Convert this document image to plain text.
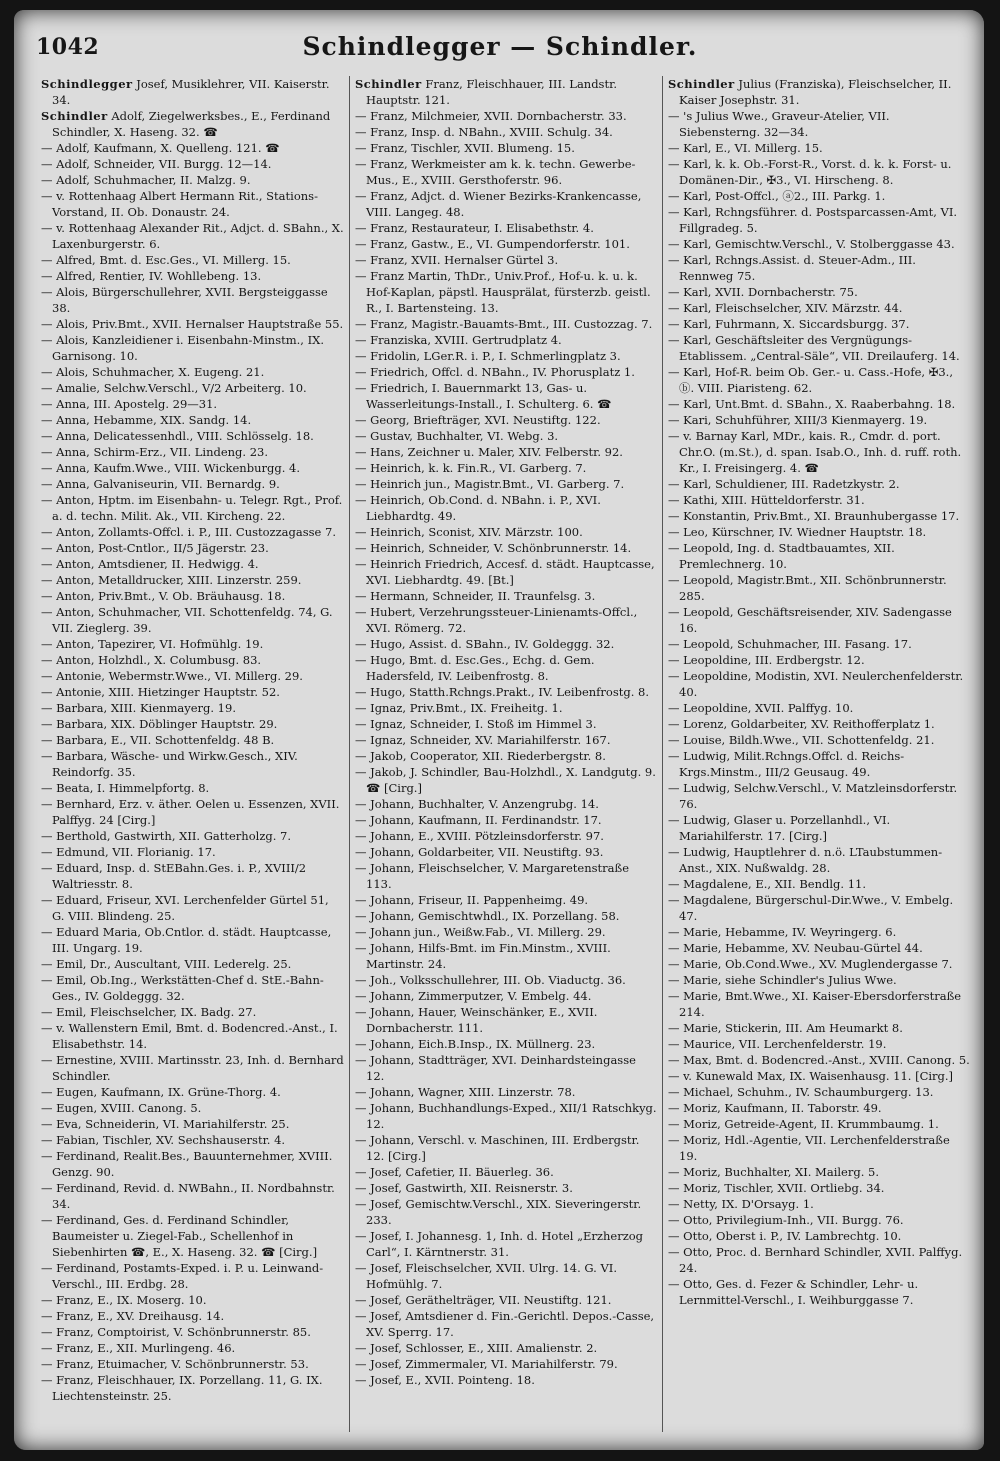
1042	Schindlegger — Schindler.
Schindlegger Josef, Musiklehrer, VII. Kaiserstr. 34.
Schindler Adolf, Ziegelwerksbes., E., Ferdinand Schindler, X. Haseng. 32. ☎
— Adolf, Kaufmann, X. Quelleng. 121. ☎
— Adolf, Schneider, VII. Burgg. 12—14.
— Adolf, Schuhmacher, II. Malzg. 9.
— v. Rottenhaag Albert Hermann Rit., Stations-Vorstand, II. Ob. Donaustr. 24.
— v. Rottenhaag Alexander Rit., Adjct. d. SBahn., X. Laxenburgerstr. 6.
— Alfred, Bmt. d. Esc.Ges., VI. Millerg. 15.
— Alfred, Rentier, IV. Wohllebeng. 13.
— Alois, Bürgerschullehrer, XVII. Bergsteiggasse 38.
— Alois, Priv.Bmt., XVII. Hernalser Hauptstraße 55.
— Alois, Kanzleidiener i. Eisenbahn-Minstm., IX. Garnisong. 10.
— Alois, Schuhmacher, X. Eugeng. 21.
— Amalie, Selchw.Verschl., V/2 Arbeiterg. 10.
— Anna, III. Apostelg. 29—31.
— Anna, Hebamme, XIX. Sandg. 14.
— Anna, Delicatessenhdl., VIII. Schlösselg. 18.
— Anna, Schirm-Erz., VII. Lindeng. 23.
— Anna, Kaufm.Wwe., VIII. Wickenburgg. 4.
— Anna, Galvaniseurin, VII. Bernardg. 9.
— Anton, Hptm. im Eisenbahn- u. Telegr. Rgt., Prof. a. d. techn. Milit. Ak., VII. Kircheng. 22.
— Anton, Zollamts-Offcl. i. P., III. Custozzagasse 7.
— Anton, Post-Cntlor., II/5 Jägerstr. 23.
— Anton, Amtsdiener, II. Hedwigg. 4.
— Anton, Metalldrucker, XIII. Linzerstr. 259.
— Anton, Priv.Bmt., V. Ob. Bräuhausg. 18.
— Anton, Schuhmacher, VII. Schottenfeldg. 74, G. VII. Zieglerg. 39.
— Anton, Tapezirer, VI. Hofmühlg. 19.
— Anton, Holzhdl., X. Columbusg. 83.
— Antonie, Webermstr.Wwe., VI. Millerg. 29.
— Antonie, XIII. Hietzinger Hauptstr. 52.
— Barbara, XIII. Kienmayerg. 19.
— Barbara, XIX. Döblinger Hauptstr. 29.
— Barbara, E., VII. Schottenfeldg. 48 B.
— Barbara, Wäsche- und Wirkw.Gesch., XIV. Reindorfg. 35.
— Beata, I. Himmelpfortg. 8.
— Bernhard, Erz. v. äther. Oelen u. Essenzen, XVII. Palffyg. 24 [Cirg.]
— Berthold, Gastwirth, XII. Gatterholzg. 7.
— Edmund, VII. Florianig. 17.
— Eduard, Insp. d. StEBahn.Ges. i. P., XVIII/2 Waltriesstr. 8.
— Eduard, Friseur, XVI. Lerchenfelder Gürtel 51, G. VIII. Blindeng. 25.
— Eduard Maria, Ob.Cntlor. d. städt. Hauptcasse, III. Ungarg. 19.
— Emil, Dr., Auscultant, VIII. Lederelg. 25.
— Emil, Ob.Ing., Werkstätten-Chef d. StE.-Bahn-Ges., IV. Goldeggg. 32.
— Emil, Fleischselcher, IX. Badg. 27.
— v. Wallenstern Emil, Bmt. d. Bodencred.-Anst., I. Elisabethstr. 14.
— Ernestine, XVIII. Martinsstr. 23, Inh. d. Bernhard Schindler.
— Eugen, Kaufmann, IX. Grüne-Thorg. 4.
— Eugen, XVIII. Canong. 5.
— Eva, Schneiderin, VI. Mariahilferstr. 25.
— Fabian, Tischler, XV. Sechshauserstr. 4.
— Ferdinand, Realit.Bes., Bauunternehmer, XVIII. Genzg. 90.
— Ferdinand, Revid. d. NWBahn., II. Nordbahnstr. 34.
— Ferdinand, Ges. d. Ferdinand Schindler, Baumeister u. Ziegel-Fab., Schellenhof in Siebenhirten ☎, E., X. Haseng. 32. ☎ [Cirg.]
— Ferdinand, Postamts-Exped. i. P. u. Leinwand-Verschl., III. Erdbg. 28.
— Franz, E., IX. Moserg. 10.
— Franz, E., XV. Dreihausg. 14.
— Franz, Comptoirist, V. Schönbrunnerstr. 85.
— Franz, E., XII. Murlingeng. 46.
— Franz, Etuimacher, V. Schönbrunnerstr. 53.
— Franz, Fleischhauer, IX. Porzellang. 11, G. IX. Liechtensteinstr. 25.
Schindler Franz, Fleischhauer, III. Landstr. Hauptstr. 121.
— Franz, Milchmeier, XVII. Dornbacherstr. 33.
— Franz, Insp. d. NBahn., XVIII. Schulg. 34.
— Franz, Tischler, XVII. Blumeng. 15.
— Franz, Werkmeister am k. k. techn. Gewerbe-Mus., E., XVIII. Gersthoferstr. 96.
— Franz, Adjct. d. Wiener Bezirks-Krankencasse, VIII. Langeg. 48.
— Franz, Restaurateur, I. Elisabethstr. 4.
— Franz, Gastw., E., VI. Gumpendorferstr. 101.
— Franz, XVII. Hernalser Gürtel 3.
— Franz Martin, ThDr., Univ.Prof., Hof-u. k. u. k. Hof-Kaplan, päpstl. Hausprälat, fürsterzb. geistl. R., I. Bartensteing. 13.
— Franz, Magistr.-Bauamts-Bmt., III. Custozzag. 7.
— Franziska, XVIII. Gertrudplatz 4.
— Fridolin, LGer.R. i. P., I. Schmerlingplatz 3.
— Friedrich, Offcl. d. NBahn., IV. Phorusplatz 1.
— Friedrich, I. Bauernmarkt 13, Gas- u. Wasserleitungs-Install., I. Schulterg. 6. ☎
— Georg, Briefträger, XVI. Neustiftg. 122.
— Gustav, Buchhalter, VI. Webg. 3.
— Hans, Zeichner u. Maler, XIV. Felberstr. 92.
— Heinrich, k. k. Fin.R., VI. Garberg. 7.
— Heinrich jun., Magistr.Bmt., VI. Garberg. 7.
— Heinrich, Ob.Cond. d. NBahn. i. P., XVI. Liebhardtg. 49.
— Heinrich, Sconist, XIV. Märzstr. 100.
— Heinrich, Schneider, V. Schönbrunnerstr. 14.
— Heinrich Friedrich, Accesf. d. städt. Hauptcasse, XVI. Liebhardtg. 49. [Bt.]
— Hermann, Schneider, II. Traunfelsg. 3.
— Hubert, Verzehrungssteuer-Linienamts-Offcl., XVI. Römerg. 72.
— Hugo, Assist. d. SBahn., IV. Goldeggg. 32.
— Hugo, Bmt. d. Esc.Ges., Echg. d. Gem. Hadersfeld, IV. Leibenfrostg. 8.
— Hugo, Statth.Rchngs.Prakt., IV. Leibenfrostg. 8.
— Ignaz, Priv.Bmt., IX. Freiheitg. 1.
— Ignaz, Schneider, I. Stoß im Himmel 3.
— Ignaz, Schneider, XV. Mariahilferstr. 167.
— Jakob, Cooperator, XII. Riederbergstr. 8.
— Jakob, J. Schindler, Bau-Holzhdl., X. Landgutg. 9. ☎ [Cirg.]
— Johann, Buchhalter, V. Anzengrubg. 14.
— Johann, Kaufmann, II. Ferdinandstr. 17.
— Johann, E., XVIII. Pötzleinsdorferstr. 97.
— Johann, Goldarbeiter, VII. Neustiftg. 93.
— Johann, Fleischselcher, V. Margaretenstraße 113.
— Johann, Friseur, II. Pappenheimg. 49.
— Johann, Gemischtwhdl., IX. Porzellang. 58.
— Johann jun., Weißw.Fab., VI. Millerg. 29.
— Johann, Hilfs-Bmt. im Fin.Minstm., XVIII. Martinstr. 24.
— Joh., Volksschullehrer, III. Ob. Viaductg. 36.
— Johann, Zimmerputzer, V. Embelg. 44.
— Johann, Hauer, Weinschänker, E., XVII. Dornbacherstr. 111.
— Johann, Eich.B.Insp., IX. Müllnerg. 23.
— Johann, Stadtträger, XVI. Deinhardsteingasse 12.
— Johann, Wagner, XIII. Linzerstr. 78.
— Johann, Buchhandlungs-Exped., XII/1 Ratschkyg. 12.
— Johann, Verschl. v. Maschinen, III. Erdbergstr. 12. [Cirg.]
— Josef, Cafetier, II. Bäuerleg. 36.
— Josef, Gastwirth, XII. Reisnerstr. 3.
— Josef, Gemischtw.Verschl., XIX. Sieveringerstr. 233.
— Josef, I. Johannesg. 1, Inh. d. Hotel „Erzherzog Carl“, I. Kärntnerstr. 31.
— Josef, Fleischselcher, XVII. Ulrg. 14. G. VI. Hofmühlg. 7.
— Josef, Geräthelträger, VII. Neustiftg. 121.
— Josef, Amtsdiener d. Fin.-Gerichtl. Depos.-Casse, XV. Sperrg. 17.
— Josef, Schlosser, E., XIII. Amalienstr. 2.
— Josef, Zimmermaler, VI. Mariahilferstr. 79.
— Josef, E., XVII. Pointeng. 18.
Schindler Julius (Franziska), Fleischselcher, II. Kaiser Josephstr. 31.
— 's Julius Wwe., Graveur-Atelier, VII. Siebensterng. 32—34.
— Karl, E., VI. Millerg. 15.
— Karl, k. k. Ob.-Forst-R., Vorst. d. k. k. Forst- u. Domänen-Dir., ✠3., VI. Hirscheng. 8.
— Karl, Post-Offcl., ⓐ2., III. Parkg. 1.
— Karl, Rchngsführer. d. Postsparcassen-Amt, VI. Fillgradeg. 5.
— Karl, Gemischtw.Verschl., V. Stolberggasse 43.
— Karl, Rchngs.Assist. d. Steuer-Adm., III. Rennweg 75.
— Karl, XVII. Dornbacherstr. 75.
— Karl, Fleischselcher, XIV. Märzstr. 44.
— Karl, Fuhrmann, X. Siccardsburgg. 37.
— Karl, Geschäftsleiter des Vergnügungs-Etablissem. „Central-Säle“, VII. Dreilauferg. 14.
— Karl, Hof-R. beim Ob. Ger.- u. Cass.-Hofe, ✠3., ⓑ. VIII. Piaristeng. 62.
— Karl, Unt.Bmt. d. SBahn., X. Raaberbahng. 18.
— Kari, Schuhführer, XIII/3 Kienmayerg. 19.
— v. Barnay Karl, MDr., kais. R., Cmdr. d. port. Chr.O. (m.St.), d. span. Isab.O., Inh. d. ruff. roth. Kr., I. Freisingerg. 4. ☎
— Karl, Schuldiener, III. Radetzkystr. 2.
— Kathi, XIII. Hütteldorferstr. 31.
— Konstantin, Priv.Bmt., XI. Braunhubergasse 17.
— Leo, Kürschner, IV. Wiedner Hauptstr. 18.
— Leopold, Ing. d. Stadtbauamtes, XII. Premlechnerg. 10.
— Leopold, Magistr.Bmt., XII. Schönbrunnerstr. 285.
— Leopold, Geschäftsreisender, XIV. Sadengasse 16.
— Leopold, Schuhmacher, III. Fasang. 17.
— Leopoldine, III. Erdbergstr. 12.
— Leopoldine, Modistin, XVI. Neulerchenfelderstr. 40.
— Leopoldine, XVII. Palffyg. 10.
— Lorenz, Goldarbeiter, XV. Reithofferplatz 1.
— Louise, Bildh.Wwe., VII. Schottenfeldg. 21.
— Ludwig, Milit.Rchngs.Offcl. d. Reichs-Krgs.Minstm., III/2 Geusaug. 49.
— Ludwig, Selchw.Verschl., V. Matzleinsdorferstr. 76.
— Ludwig, Glaser u. Porzellanhdl., VI. Mariahilferstr. 17. [Cirg.]
— Ludwig, Hauptlehrer d. n.ö. LTaubstummen-Anst., XIX. Nußwaldg. 28.
— Magdalene, E., XII. Bendlg. 11.
— Magdalene, Bürgerschul-Dir.Wwe., V. Embelg. 47.
— Marie, Hebamme, IV. Weyringerg. 6.
— Marie, Hebamme, XV. Neubau-Gürtel 44.
— Marie, Ob.Cond.Wwe., XV. Muglendergasse 7.
— Marie, siehe Schindler's Julius Wwe.
— Marie, Bmt.Wwe., XI. Kaiser-Ebersdorferstraße 214.
— Marie, Stickerin, III. Am Heumarkt 8.
— Maurice, VII. Lerchenfelderstr. 19.
— Max, Bmt. d. Bodencred.-Anst., XVIII. Canong. 5.
— v. Kunewald Max, IX. Waisenhausg. 11. [Cirg.]
— Michael, Schuhm., IV. Schaumburgerg. 13.
— Moriz, Kaufmann, II. Taborstr. 49.
— Moriz, Getreide-Agent, II. Krummbaumg. 1.
— Moriz, Hdl.-Agentie, VII. Lerchenfelderstraße 19.
— Moriz, Buchhalter, XI. Mailerg. 5.
— Moriz, Tischler, XVII. Ortliebg. 34.
— Netty, IX. D'Orsayg. 1.
— Otto, Privilegium-Inh., VII. Burgg. 76.
— Otto, Oberst i. P., IV. Lambrechtg. 10.
— Otto, Proc. d. Bernhard Schindler, XVII. Palffyg. 24.
— Otto, Ges. d. Fezer & Schindler, Lehr- u. Lernmittel-Verschl., I. Weihburggasse 7.
